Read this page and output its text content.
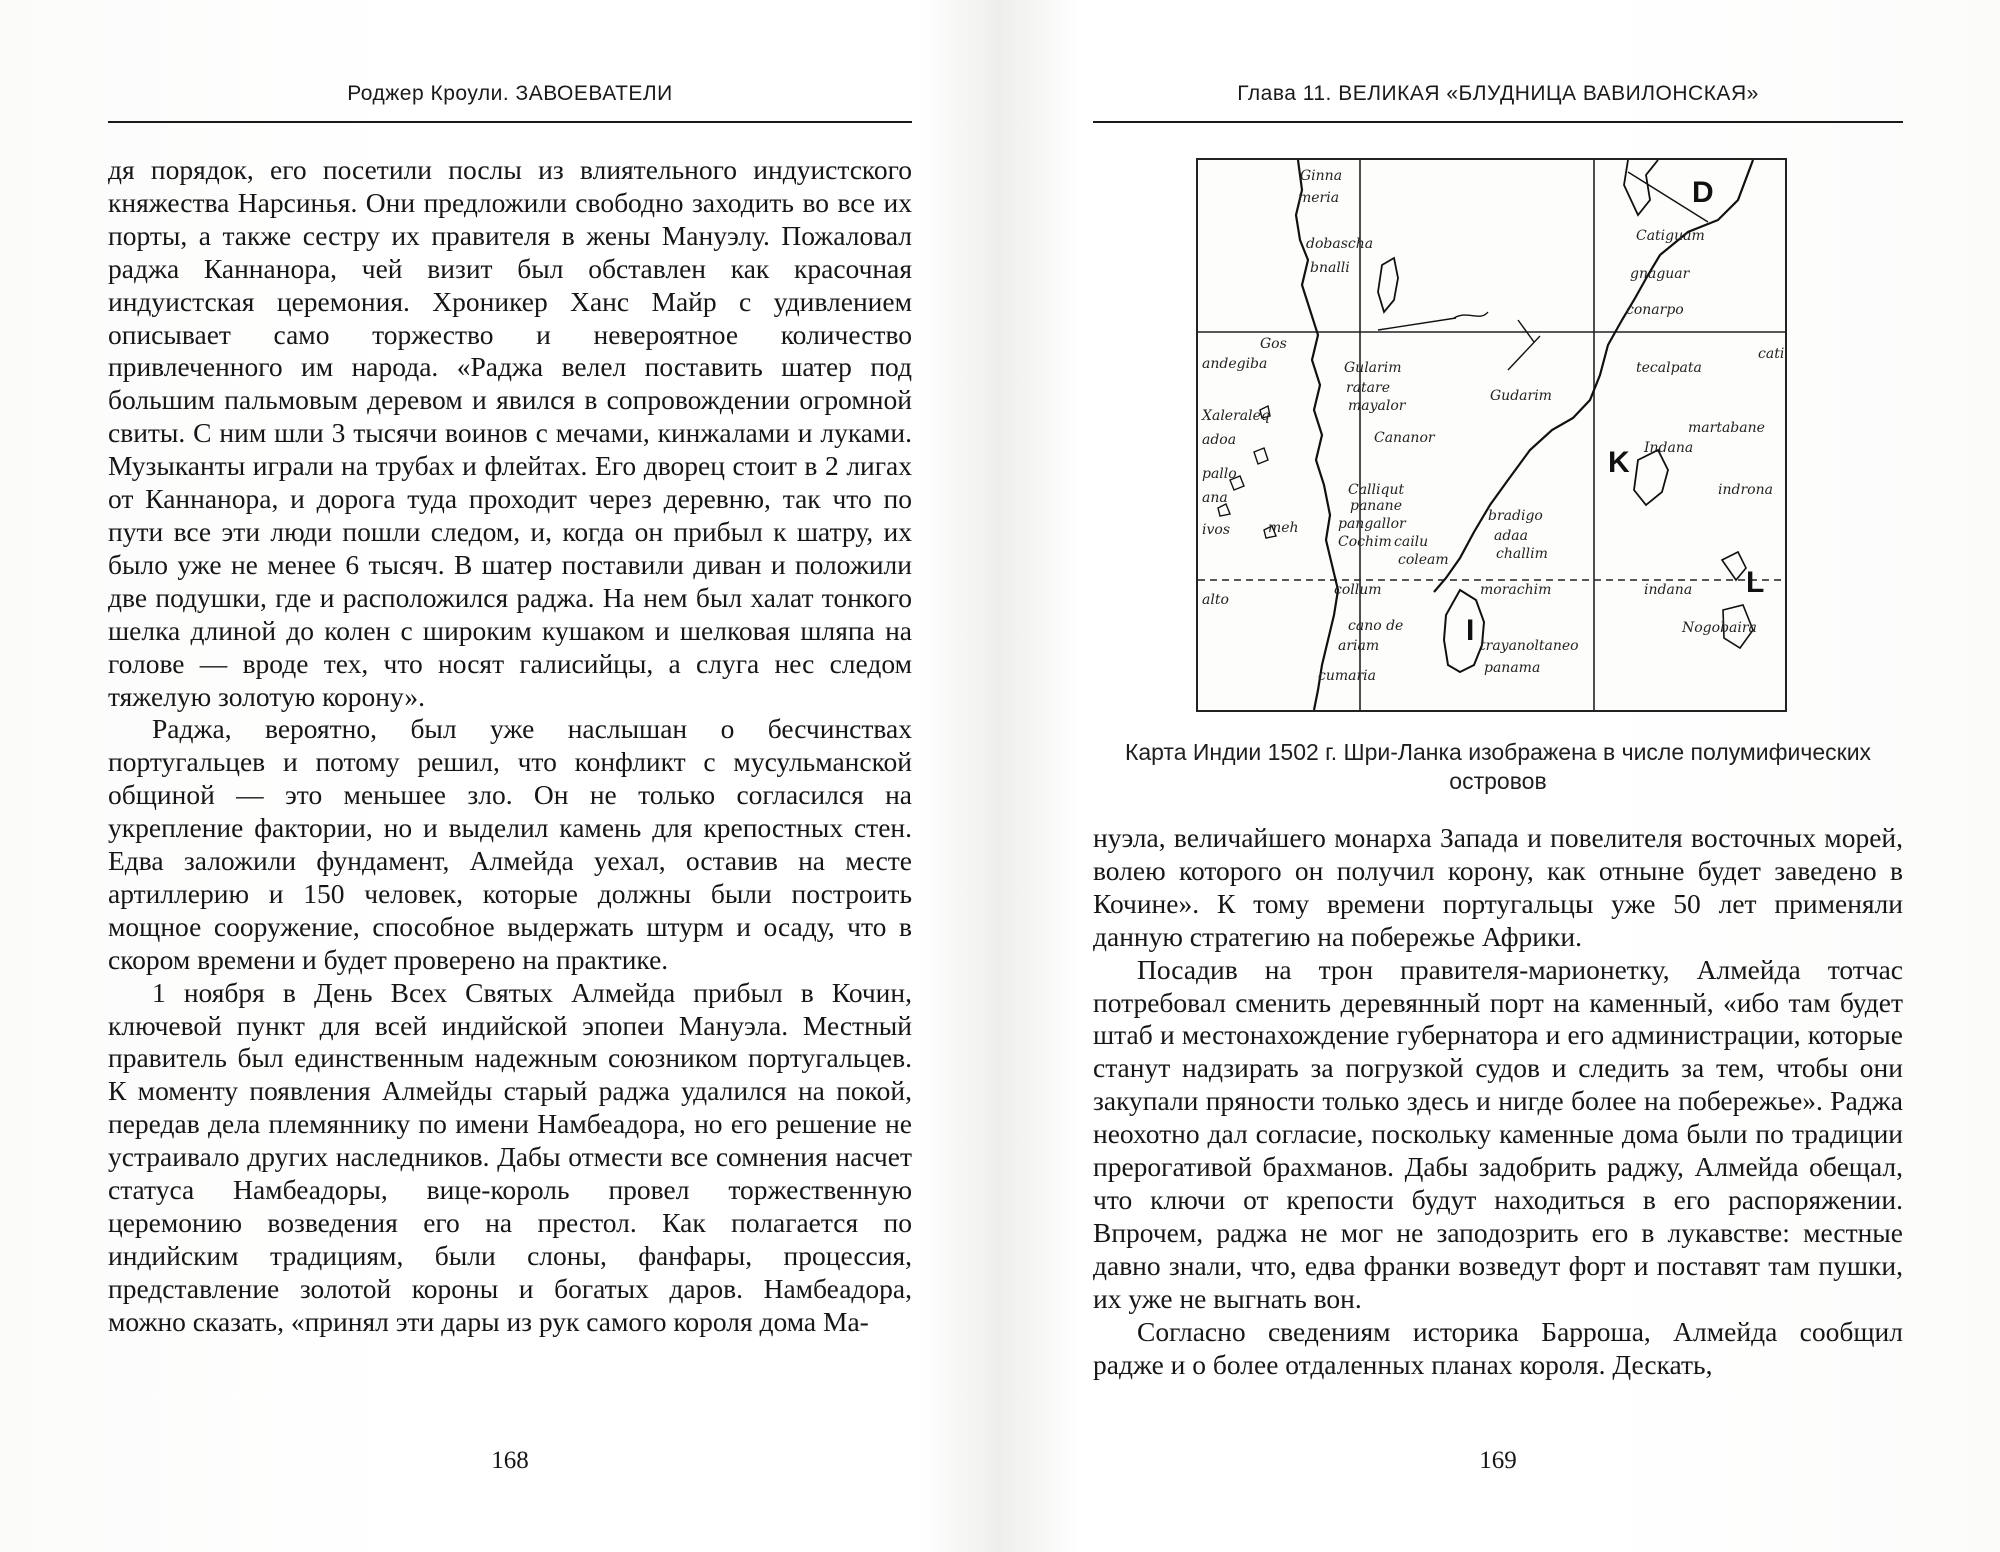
Роджер Кроули. ЗАВОЕВАТЕЛИ

дя порядок, его посетили послы из влиятельного индуистского княжества Нарсинья. Они предложили свободно заходить во все их порты, а также сестру их правителя в жены Мануэлу. Пожаловал раджа Каннанора, чей визит был обставлен как красочная индуистская церемония. Хроникер Ханс Майр с удивлением описывает само торжество и невероятное количество привлеченного им народа. «Раджа велел поставить шатер под большим пальмовым деревом и явился в сопровождении огромной свиты. С ним шли 3 тысячи воинов с мечами, кинжалами и луками. Музыканты играли на трубах и флейтах. Его дворец стоит в 2 лигах от Каннанора, и дорога туда проходит через деревню, так что по пути все эти люди пошли следом, и, когда он прибыл к шатру, их было уже не менее 6 тысяч. В шатер поставили диван и положили две подушки, где и расположился раджа. На нем был халат тонкого шелка длиной до колен с широким кушаком и шелковая шляпа на голове — вроде тех, что носят галисийцы, а слуга нес следом тяжелую золотую корону».

Раджа, вероятно, был уже наслышан о бесчинствах португальцев и потому решил, что конфликт с мусульманской общиной — это меньшее зло. Он не только согласился на укрепление фактории, но и выделил камень для крепостных стен. Едва заложили фундамент, Алмейда уехал, оставив на месте артиллерию и 150 человек, которые должны были построить мощное сооружение, способное выдержать штурм и осаду, что в скором времени и будет проверено на практике.

1 ноября в День Всех Святых Алмейда прибыл в Кочин, ключевой пункт для всей индийской эпопеи Мануэла. Местный правитель был единственным надежным союзником португальцев. К моменту появления Алмейды старый раджа удалился на покой, передав дела племяннику по имени Намбеадора, но его решение не устраивало других наследников. Дабы отмести все сомнения насчет статуса Намбеадоры, вице-король провел торжественную церемонию возведения его на престол. Как полагается по индийским традициям, были слоны, фанфары, процессия, представление золотой короны и богатых даров. Намбеадора, можно сказать, «принял эти дары из рук самого короля дома Ма-

168
Глава 11. ВЕЛИКАЯ «БЛУДНИЦА ВАВИЛОНСКАЯ»
D
K
L
I
Ginna
meria
dobascha
bnalli
Catiguam
gnaguar
conarpo
Gos
andegiba	Gularim
ratare
mayalor
Xaleraleq
adoa	Cananor
pallo
ana	Calliqut
panane
pangallor
Cochim
meh
ivos
cailu
coleam
Gudarim
tecalpata
cati
martabane
Indana
indrona
bradigo
adaa
challim
collum	morachim	indana
Nogobaira
alto
cano de
ariam	trayanoltaneo
panama
cumaria
Карта Индии 1502 г. Шри-Ланка изображена в числе полумифических островов

нуэла, величайшего монарха Запада и повелителя восточных морей, волею которого он получил корону, как отныне будет заведено в Кочине». К тому времени португальцы уже 50 лет применяли данную стратегию на побережье Африки.

Посадив на трон правителя-марионетку, Алмейда тотчас потребовал сменить деревянный порт на каменный, «ибо там будет штаб и местонахождение губернатора и его администрации, которые станут надзирать за погрузкой судов и следить за тем, чтобы они закупали пряности только здесь и нигде более на побережье». Раджа неохотно дал согласие, поскольку каменные дома были по традиции прерогативой брахманов. Дабы задобрить раджу, Алмейда обещал, что ключи от крепости будут находиться в его распоряжении. Впрочем, раджа не мог не заподозрить его в лукавстве: местные давно знали, что, едва франки возведут форт и поставят там пушки, их уже не выгнать вон.

Согласно сведениям историка Барроша, Алмейда сообщил радже и о более отдаленных планах короля. Дескать,

169
